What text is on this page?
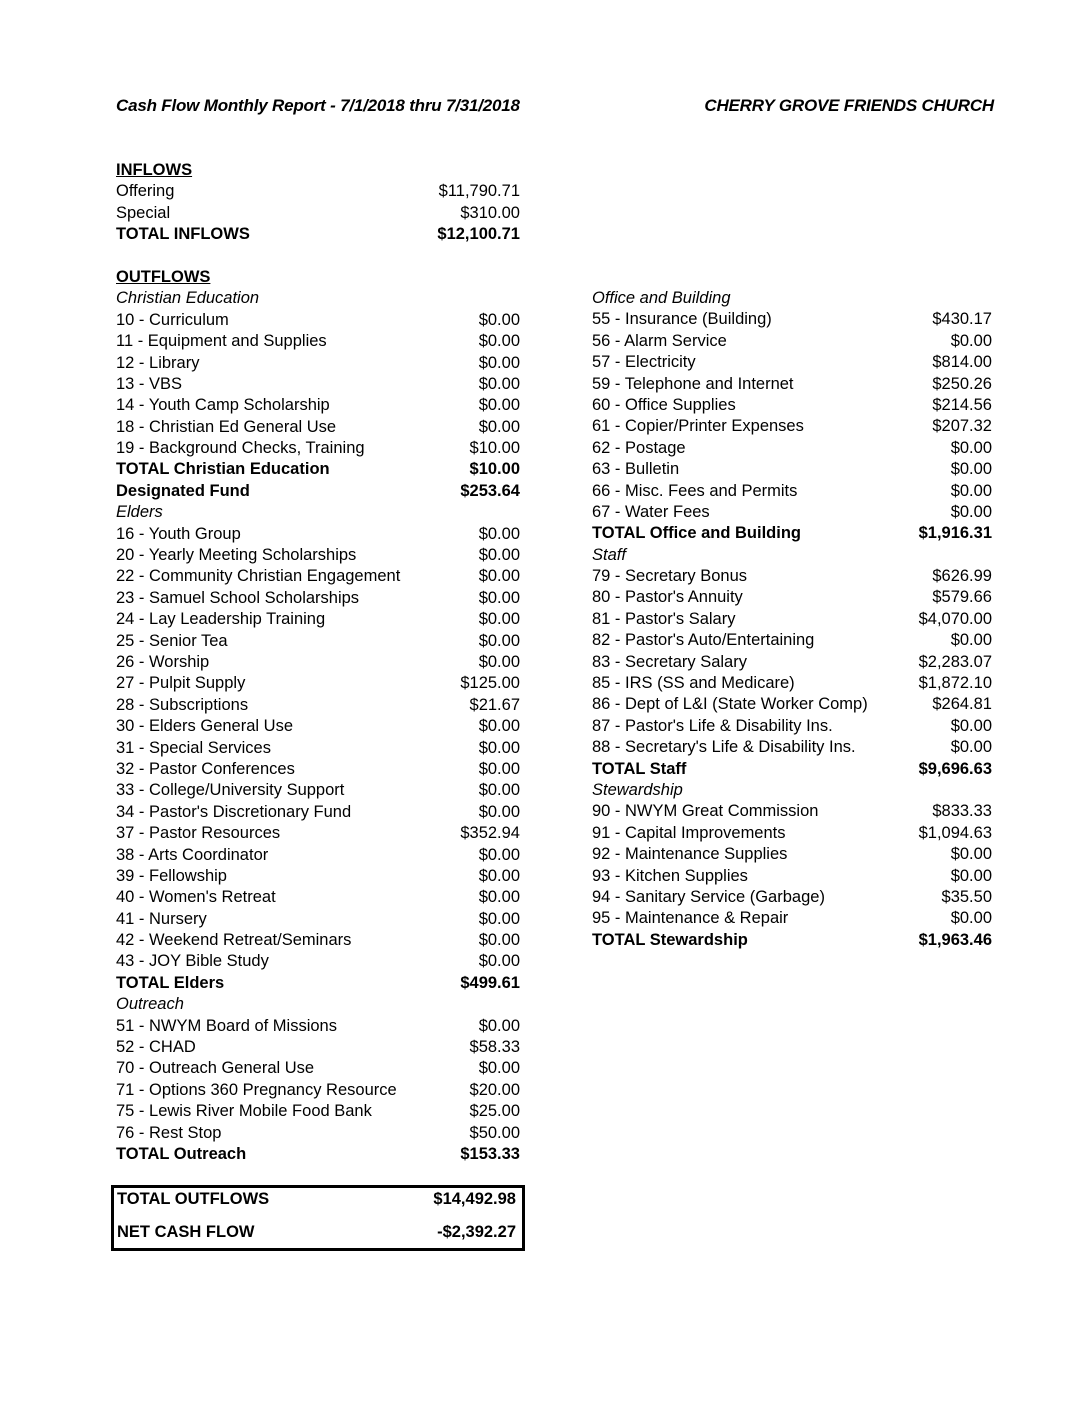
Cash Flow Monthly Report - 7/1/2018 thru 7/31/2018	CHERRY GROVE FRIENDS CHURCH
INFLOWS
Offering	$11,790.71
Special	$310.00
TOTAL INFLOWS	$12,100.71
OUTFLOWS
Christian Education
10 - Curriculum	$0.00
11 - Equipment and Supplies	$0.00
12 - Library	$0.00
13 - VBS	$0.00
14 - Youth Camp Scholarship	$0.00
18 - Christian Ed General Use	$0.00
19 - Background Checks, Training	$10.00
TOTAL Christian Education	$10.00
Designated Fund	$253.64
Elders
16 - Youth Group	$0.00
20 - Yearly Meeting Scholarships	$0.00
22 - Community Christian Engagement	$0.00
23 - Samuel School Scholarships	$0.00
24 - Lay Leadership Training	$0.00
25 - Senior Tea	$0.00
26 - Worship	$0.00
27 - Pulpit Supply	$125.00
28 - Subscriptions	$21.67
30 - Elders General Use	$0.00
31 - Special Services	$0.00
32 - Pastor Conferences	$0.00
33 - College/University Support	$0.00
34 - Pastor's Discretionary Fund	$0.00
37 - Pastor Resources	$352.94
38 - Arts Coordinator	$0.00
39 - Fellowship	$0.00
40 - Women's Retreat	$0.00
41 - Nursery	$0.00
42 - Weekend Retreat/Seminars	$0.00
43 - JOY Bible Study	$0.00
TOTAL Elders	$499.61
Outreach
51 - NWYM Board of Missions	$0.00
52 - CHAD	$58.33
70 - Outreach General Use	$0.00
71 - Options 360 Pregnancy Resource	$20.00
75 - Lewis River Mobile Food Bank	$25.00
76 - Rest Stop	$50.00
TOTAL Outreach	$153.33
Office and Building
55 - Insurance (Building)	$430.17
56 - Alarm Service	$0.00
57 - Electricity	$814.00
59 - Telephone and Internet	$250.26
60 - Office Supplies	$214.56
61 - Copier/Printer Expenses	$207.32
62 - Postage	$0.00
63 - Bulletin	$0.00
66 - Misc. Fees and Permits	$0.00
67 - Water Fees	$0.00
TOTAL Office and Building	$1,916.31
Staff
79 - Secretary Bonus	$626.99
80 - Pastor's Annuity	$579.66
81 - Pastor's Salary	$4,070.00
82 - Pastor's Auto/Entertaining	$0.00
83 - Secretary Salary	$2,283.07
85 - IRS (SS and Medicare)	$1,872.10
86 - Dept of L&I (State Worker Comp)	$264.81
87 - Pastor's Life & Disability Ins.	$0.00
88 - Secretary's Life & Disability Ins.	$0.00
TOTAL Staff	$9,696.63
Stewardship
90 - NWYM Great Commission	$833.33
91 - Capital Improvements	$1,094.63
92 - Maintenance Supplies	$0.00
93 - Kitchen Supplies	$0.00
94 - Sanitary Service (Garbage)	$35.50
95 - Maintenance & Repair	$0.00
TOTAL Stewardship	$1,963.46
TOTAL OUTFLOWS	$14,492.98
NET CASH FLOW	-$2,392.27
